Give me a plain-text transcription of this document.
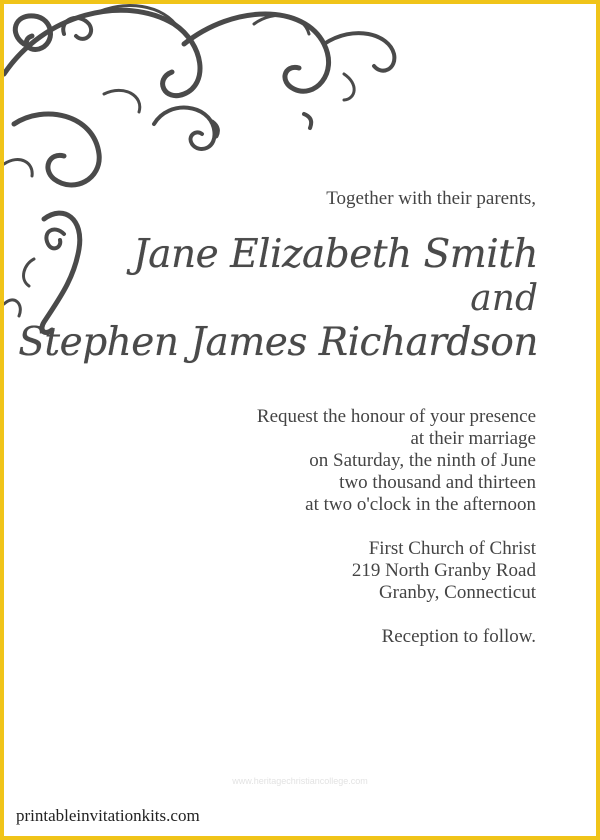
Together with their parents,
Jane Elizabeth Smith
and
Stephen James Richardson
Request the honour of your presence
at their marriage
on Saturday, the ninth of June
two thousand and thirteen
at two o'clock in the afternoon
First Church of Christ
219 North Granby Road
Granby, Connecticut
Reception to follow.
www.heritagechristiancollege.com
printableinvitationkits.com
